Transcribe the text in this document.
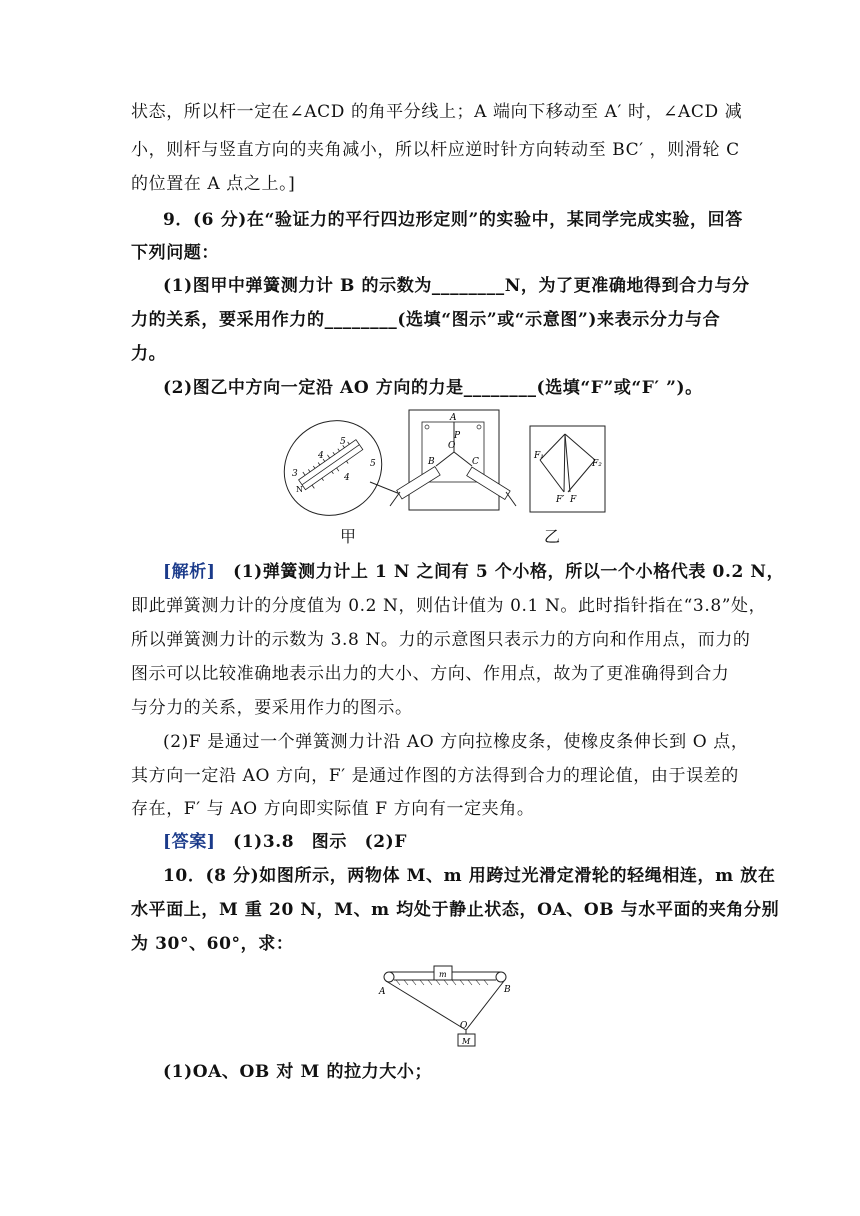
状态，所以杆一定在∠ACD 的角平分线上；A 端向下移动至 A′ 时，∠ACD 减
小，则杆与竖直方向的夹角减小，所以杆应逆时针方向转动至 BC′ ，则滑轮 C
的位置在 A 点之上。]
9．(6 分)在“验证力的平行四边形定则”的实验中，某同学完成实验，回答
下列问题：
(1)图甲中弹簧测力计 B 的示数为________N，为了更准确地得到合力与分
力的关系，要采用作力的________(选填“图示”或“示意图”)来表示分力与合
力。
(2)图乙中方向一定沿 AO 方向的力是________(选填“F”或“F′ ”)。
5
4
3
5
4
N
A
P
O
B	C
F₁
F₂
F′ F
甲	乙
[解析]　 (1)弹簧测力计上 1 N 之间有 5 个小格，所以一个小格代表 0.2 N，
即此弹簧测力计的分度值为 0.2 N，则估计值为 0.1 N。此时指针指在“3.8”处，
所以弹簧测力计的示数为 3.8 N。力的示意图只表示力的方向和作用点，而力的
图示可以比较准确地表示出力的大小、方向、作用点，故为了更准确得到合力
与分力的关系，要采用作力的图示。
(2)F 是通过一个弹簧测力计沿 AO 方向拉橡皮条，使橡皮条伸长到 O 点，
其方向一定沿 AO 方向，F′ 是通过作图的方法得到合力的理论值，由于误差的
存在，F′ 与 AO 方向即实际值 F 方向有一定夹角。
[答案]　 (1)3.8　图示　(2)F
10．(8 分)如图所示，两物体 M、m 用跨过光滑定滑轮的轻绳相连，m 放在
水平面上，M 重 20 N，M、m 均处于静止状态，OA、OB 与水平面的夹角分别
为 30°、60°，求：
m
M
A	B
O
(1)OA、OB 对 M 的拉力大小；
